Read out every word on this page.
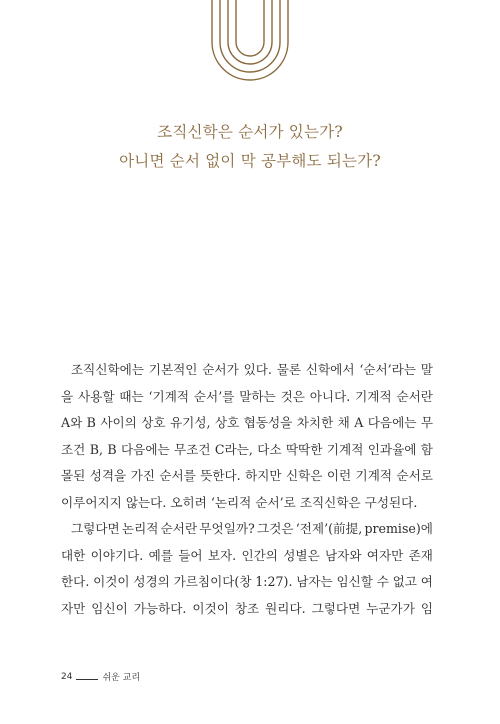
조직신학은 순서가 있는가?
아니면 순서 없이 막 공부해도 되는가?
조직신학에는 기본적인 순서가 있다. 물론 신학에서 ‘순서’라는 말
을 사용할 때는 ‘기계적 순서’를 말하는 것은 아니다. 기계적 순서란
A와 B 사이의 상호 유기성, 상호 협동성을 차치한 채 A 다음에는 무
조건 B, B 다음에는 무조건 C라는, 다소 딱딱한 기계적 인과율에 함
몰된 성격을 가진 순서를 뜻한다. 하지만 신학은 이런 기계적 순서로
이루어지지 않는다. 오히려 ‘논리적 순서’로 조직신학은 구성된다.
그렇다면 논리적 순서란 무엇일까? 그것은 ‘전제’(前提, premise)에
대한 이야기다. 예를 들어 보자. 인간의 성별은 남자와 여자만 존재
한다. 이것이 성경의 가르침이다(창 1:27). 남자는 임신할 수 없고 여
자만 임신이 가능하다. 이것이 창조 원리다. 그렇다면 누군가가 임
24	쉬운 교리
